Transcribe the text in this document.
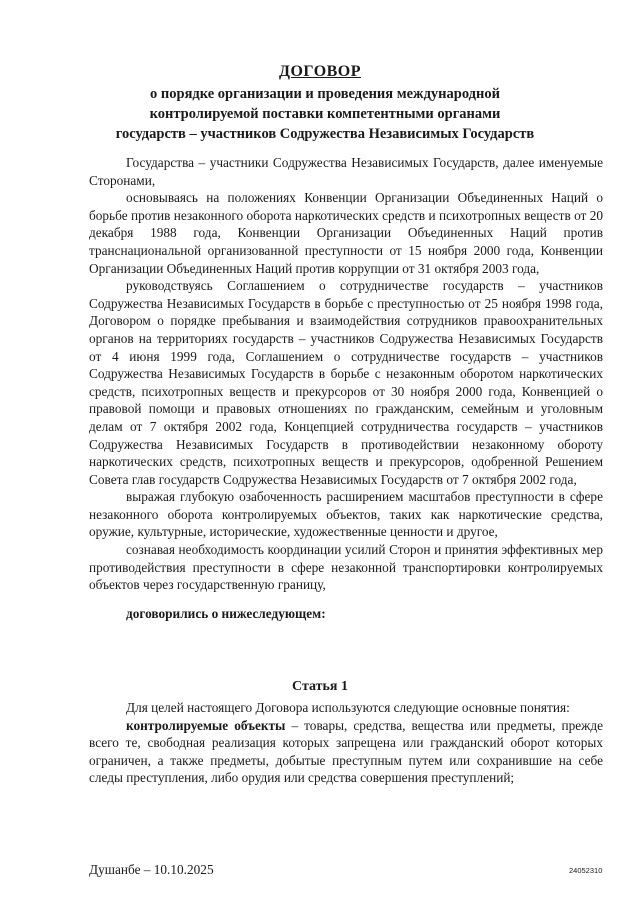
ДОГОВОР
о порядке организации и проведения международной
контролируемой поставки компетентными органами
государств – участников Содружества Независимых Государств

Государства – участники Содружества Независимых Государств, далее именуемые Сторонами,

основываясь на положениях Конвенции Организации Объединенных Наций о борьбе против незаконного оборота наркотических средств и психотропных веществ от 20 декабря 1988 года, Конвенции Организации Объединенных Наций против транснациональной организованной преступности от 15 ноября 2000 года, Конвенции Организации Объединенных Наций против коррупции от 31 октября 2003 года,

руководствуясь Соглашением о сотрудничестве государств – участников Содружества Независимых Государств в борьбе с преступностью от 25 ноября 1998 года, Договором о порядке пребывания и взаимодействия сотрудников правоохранительных органов на территориях государств – участников Содружества Независимых Государств от 4 июня 1999 года, Соглашением о сотрудничестве государств – участников Содружества Независимых Государств в борьбе с незаконным оборотом наркотических средств, психотропных веществ и прекурсоров от 30 ноября 2000 года, Конвенцией о правовой помощи и правовых отношениях по гражданским, семейным и уголовным делам от 7 октября 2002 года, Концепцией сотрудничества государств – участников Содружества Независимых Государств в противодействии незаконному обороту наркотических средств, психотропных веществ и прекурсоров, одобренной Решением Совета глав государств Содружества Независимых Государств от 7 октября 2002 года,

выражая глубокую озабоченность расширением масштабов преступности в сфере незаконного оборота контролируемых объектов, таких как наркотические средства, оружие, культурные, исторические, художественные ценности и другое,

сознавая необходимость координации усилий Сторон и принятия эффективных мер противодействия преступности в сфере незаконной транспортировки контролируемых объектов через государственную границу,

договорились о нижеследующем:

Статья 1

Для целей настоящего Договора используются следующие основные понятия:

контролируемые объекты – товары, средства, вещества или предметы, прежде всего те, свободная реализация которых запрещена или гражданский оборот которых ограничен, а также предметы, добытые преступным путем или сохранившие на себе следы преступления, либо орудия или средства совершения преступлений;

Душанбе – 10.10.2025	24052310
